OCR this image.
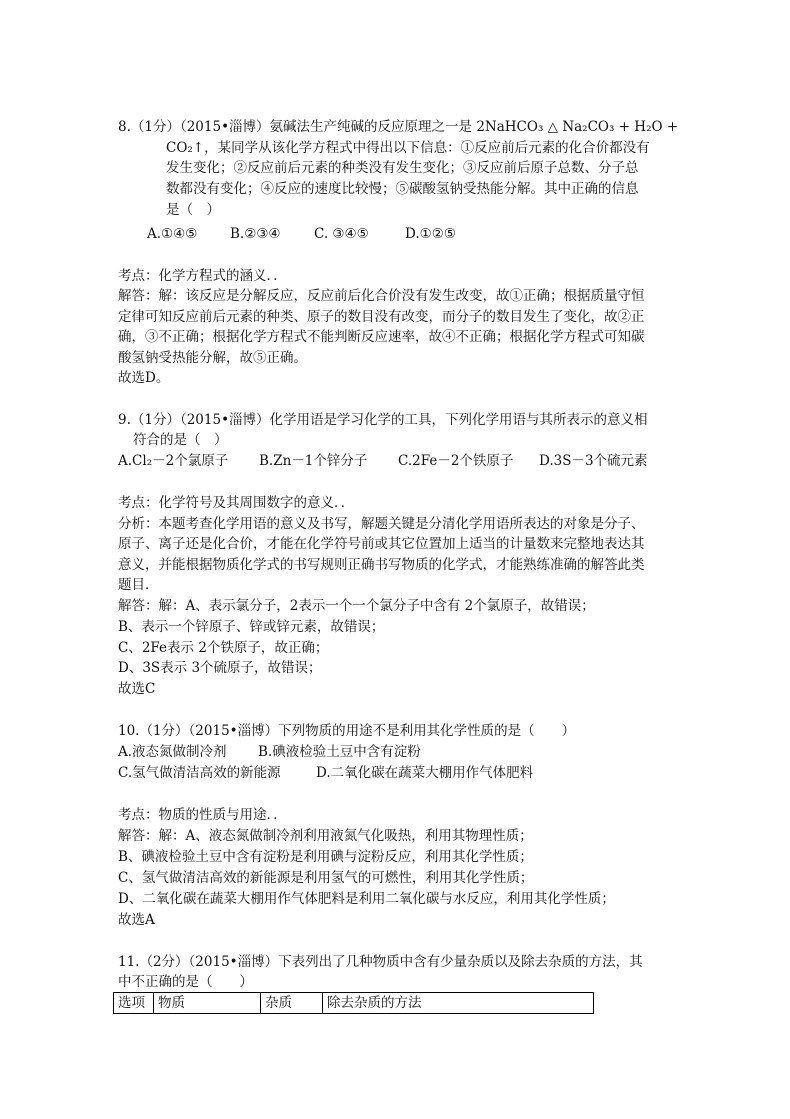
8.（1分）（2015•淄博）氨碱法生产纯碱的反应原理之一是 2NaHCO₃ △ Na₂CO₃ + H₂O +
CO₂↑，某同学从该化学方程式中得出以下信息：①反应前后元素的化合价都没有
发生变化；②反应前后元素的种类没有发生变化；③反应前后原子总数、分子总
数都没有变化；④反应的速度比较慢；⑤碳酸氢钠受热能分解。其中正确的信息
是（　）
A.①④⑤ B.②③④ C. ③④⑤	D.①②⑤
考点：化学方程式的涵义．．
解答：解：该反应是分解反应，反应前后化合价没有发生改变，故①正确；根据质量守恒
定律可知反应前后元素的种类、原子的数目没有改变，而分子的数目发生了变化，故②正
确，③不正确；根据化学方程式不能判断反应速率，故④不正确；根据化学方程式可知碳
酸氢钠受热能分解，故⑤正确。
故选D。
9.（1分）（2015•淄博）化学用语是学习化学的工具，下列化学用语与其所表示的意义相
符合的是（　）
A.Cl₂－2个氯原子 B.Zn－1个锌分子 C.2Fe－2个铁原子 D.3S－3个硫元素
考点：化学符号及其周围数字的意义．．
分析：本题考查化学用语的意义及书写，解题关键是分清化学用语所表达的对象是分子、
原子、离子还是化合价，才能在化学符号前或其它位置加上适当的计量数来完整地表达其
意义，并能根据物质化学式的书写规则正确书写物质的化学式，才能熟练准确的解答此类
题目．
解答：解：A、表示氯分子，2表示一个一个氯分子中含有 2个氯原子，故错误；
B、表示一个锌原子、锌或锌元素，故错误；
C、2Fe表示 2个铁原子，故正确；
D、3S表示 3个硫原子，故错误；
故选C
10.（1分）（2015•淄博）下列物质的用途不是利用其化学性质的是（　　）
A.液态氮做制冷剂 B.碘液检验土豆中含有淀粉
C.氢气做清洁高效的新能源	D.二氧化碳在蔬菜大棚用作气体肥料
考点：物质的性质与用途．．
解答：解：A、液态氮做制冷剂利用液氮气化吸热，利用其物理性质；
B、碘液检验土豆中含有淀粉是利用碘与淀粉反应，利用其化学性质；
C、氢气做清洁高效的新能源是利用氢气的可燃性，利用其化学性质；
D、二氧化碳在蔬菜大棚用作气体肥料是利用二氧化碳与水反应，利用其化学性质；
故选A
11.（2分）（2015•淄博）下表列出了几种物质中含有少量杂质以及除去杂质的方法，其
中不正确的是（　　）
选项 物质	杂质	除去杂质的方法
